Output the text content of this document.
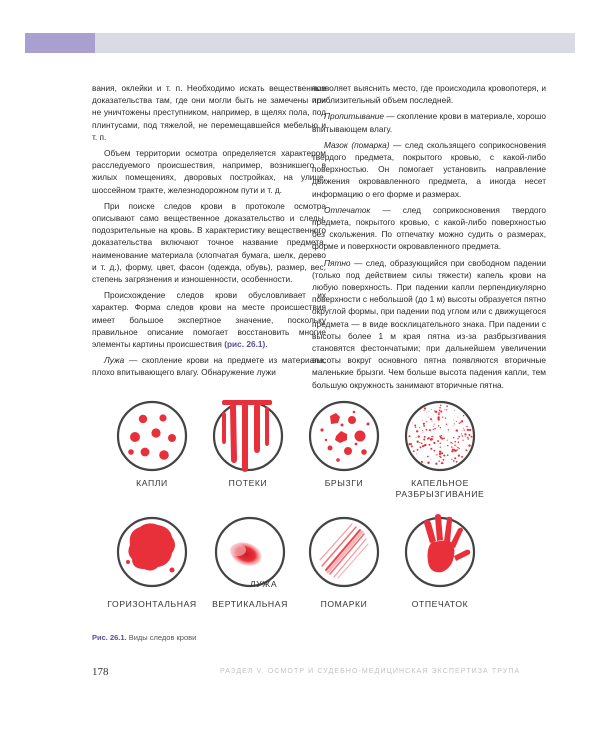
вания, оклейки и т. п. Необходимо искать вещественные доказательства там, где они могли быть не замечены или не уничтожены преступником, например, в щелях пола, под плинтусами, под тяжелой, не перемещавшейся мебелью и т. п.

Объем территории осмотра определяется характером расследуемого происшествия, например, возникшего в жилых помещениях, дворовых постройках, на улице, шоссейном тракте, железнодорожном пути и т. д.

При поиске следов крови в протоколе осмотра описывают само вещественное доказательство и следы, подозрительные на кровь. В характеристику вещественного доказательства включают точное название предмета, наименование материала (хлопчатая бумага, шелк, дерево и т. д.), форму, цвет, фасон (одежда, обувь), размер, вес, степень загрязнения и изношенности, особенности.

Происхождение следов крови обусловливает их характер. Форма следов крови на месте происшествия имеет большое экспертное значение, поскольку правильное описание помогает восстановить многие элементы картины происшествия (рис. 26.1).

Лужа — скопление крови на предмете из материала, плохо впитывающего влагу. Обнаружение лужи

позволяет выяснить место, где происходила кровопотеря, и приблизительный объем последней.

Пропитывание — скопление крови в материале, хорошо впитывающем влагу.

Мазок (помарка) — след скользящего соприкосновения твердого предмета, покрытого кровью, с какой-либо поверхностью. Он помогает установить направление движения окровавленного предмета, а иногда несет информацию о его форме и размерах.

Отпечаток — след соприкосновения твердого предмета, покрытого кровью, с какой-либо поверхностью без скольжения. По отпечатку можно судить о размерах, форме и поверхности окровавленного предмета.

Пятно — след, образующийся при свободном падении (только под действием силы тяжести) капель крови на любую поверхность. При падении капли перпендикулярно поверхности с небольшой (до 1 м) высоты образуется пятно округлой формы, при падении под углом или с движущегося предмета — в виде восклицательного знака. При падении с высоты более 1 м края пятна из-за разбрызгивания становятся фестончатыми; при дальнейшем увеличении высоты вокруг основного пятна появляются вторичные маленькие брызги. Чем больше высота падения капли, тем большую окружность занимают вторичные пятна.

КАПЛИ	ПОТЕКИ	БРЫЗГИ	КАПЕЛЬНОЕ
РАЗБРЫЗГИВАНИЕ
ЛУЖА
ГОРИЗОНТАЛЬНАЯ	ВЕРТИКАЛЬНАЯ	ПОМАРКИ	ОТПЕЧАТОК
Рис. 26.1. Виды следов крови
178	РАЗДЕЛ V. ОСМОТР И СУДЕБНО-МЕДИЦИНСКАЯ ЭКСПЕРТИЗА ТРУПА
